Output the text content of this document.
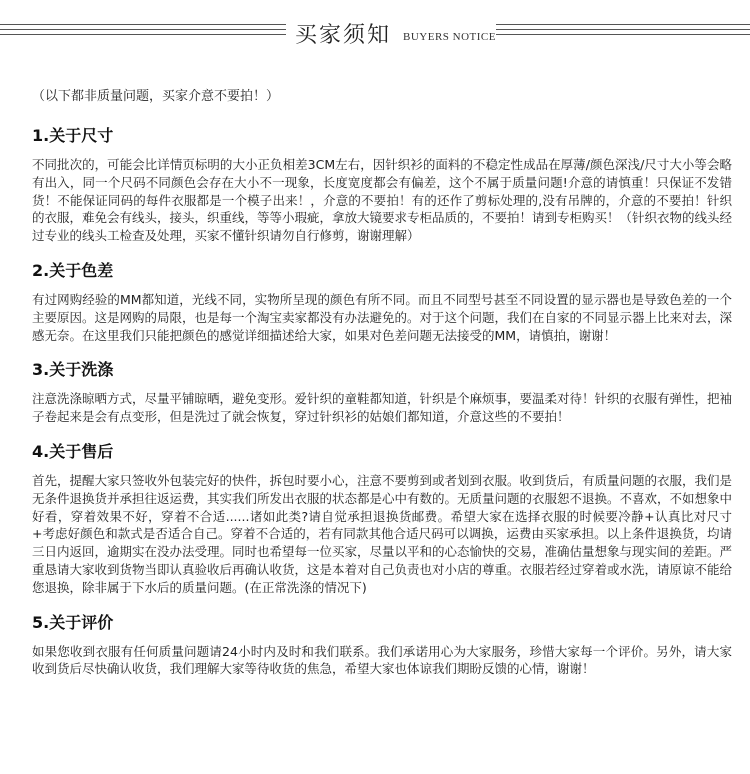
买家须知 BUYERS NOTICE

（以下都非质量问题，买家介意不要拍！）

1.关于尺寸

不同批次的，可能会比详情页标明的大小正负相差3CM左右，因针织衫的面料的不稳定性成品在厚薄/颜色深浅/尺寸大小等会略有出入，同一个尺码不同颜色会存在大小不一现象，长度宽度都会有偏差，这个不属于质量问题!介意的请慎重！只保证不发错货！不能保证同码的每件衣服都是一个模子出来！，介意的不要拍！有的还作了剪标处理的,没有吊牌的，介意的不要拍！针织的衣服，难免会有线头，接头，织重线，等等小瑕疵，拿放大镜要求专柜品质的，不要拍！请到专柜购买！（针织衣物的线头经过专业的线头工检查及处理，买家不懂针织请勿自行修剪，谢谢理解）

2.关于色差

有过网购经验的MM都知道，光线不同，实物所呈现的颜色有所不同。而且不同型号甚至不同设置的显示器也是导致色差的一个主要原因。这是网购的局限，也是每一个淘宝卖家都没有办法避免的。对于这个问题，我们在自家的不同显示器上比来对去，深感无奈。在这里我们只能把颜色的感觉详细描述给大家，如果对色差问题无法接受的MM，请慎拍，谢谢！

3.关于洗涤

注意洗涤晾晒方式，尽量平铺晾晒，避免变形。爱针织的童鞋都知道，针织是个麻烦事，要温柔对待！针织的衣服有弹性，把袖子卷起来是会有点变形，但是洗过了就会恢复，穿过针织衫的姑娘们都知道，介意这些的不要拍！

4.关于售后

首先，提醒大家只签收外包装完好的快件，拆包时要小心，注意不要剪到或者划到衣服。收到货后，有质量问题的衣服，我们是无条件退换货并承担往返运费，其实我们所发出衣服的状态都是心中有数的。无质量问题的衣服恕不退换。不喜欢，不如想象中好看，穿着效果不好，穿着不合适......诸如此类?请自觉承担退换货邮费。希望大家在选择衣服的时候要冷静+认真比对尺寸+考虑好颜色和款式是否适合自己。穿着不合适的，若有同款其他合适尺码可以调换，运费由买家承担。以上条件退换货，均请三日内返回，逾期实在没办法受理。同时也希望每一位买家，尽量以平和的心态愉快的交易，准确估量想象与现实间的差距。严重恳请大家收到货物当即认真验收后再确认收货，这是本着对自己负责也对小店的尊重。衣服若经过穿着或水洗，请原谅不能给您退换，除非属于下水后的质量问题。(在正常洗涤的情况下)

5.关于评价

如果您收到衣服有任何质量问题请24小时内及时和我们联系。我们承诺用心为大家服务，珍惜大家每一个评价。另外，请大家收到货后尽快确认收货，我们理解大家等待收货的焦急，希望大家也体谅我们期盼反馈的心情，谢谢！
